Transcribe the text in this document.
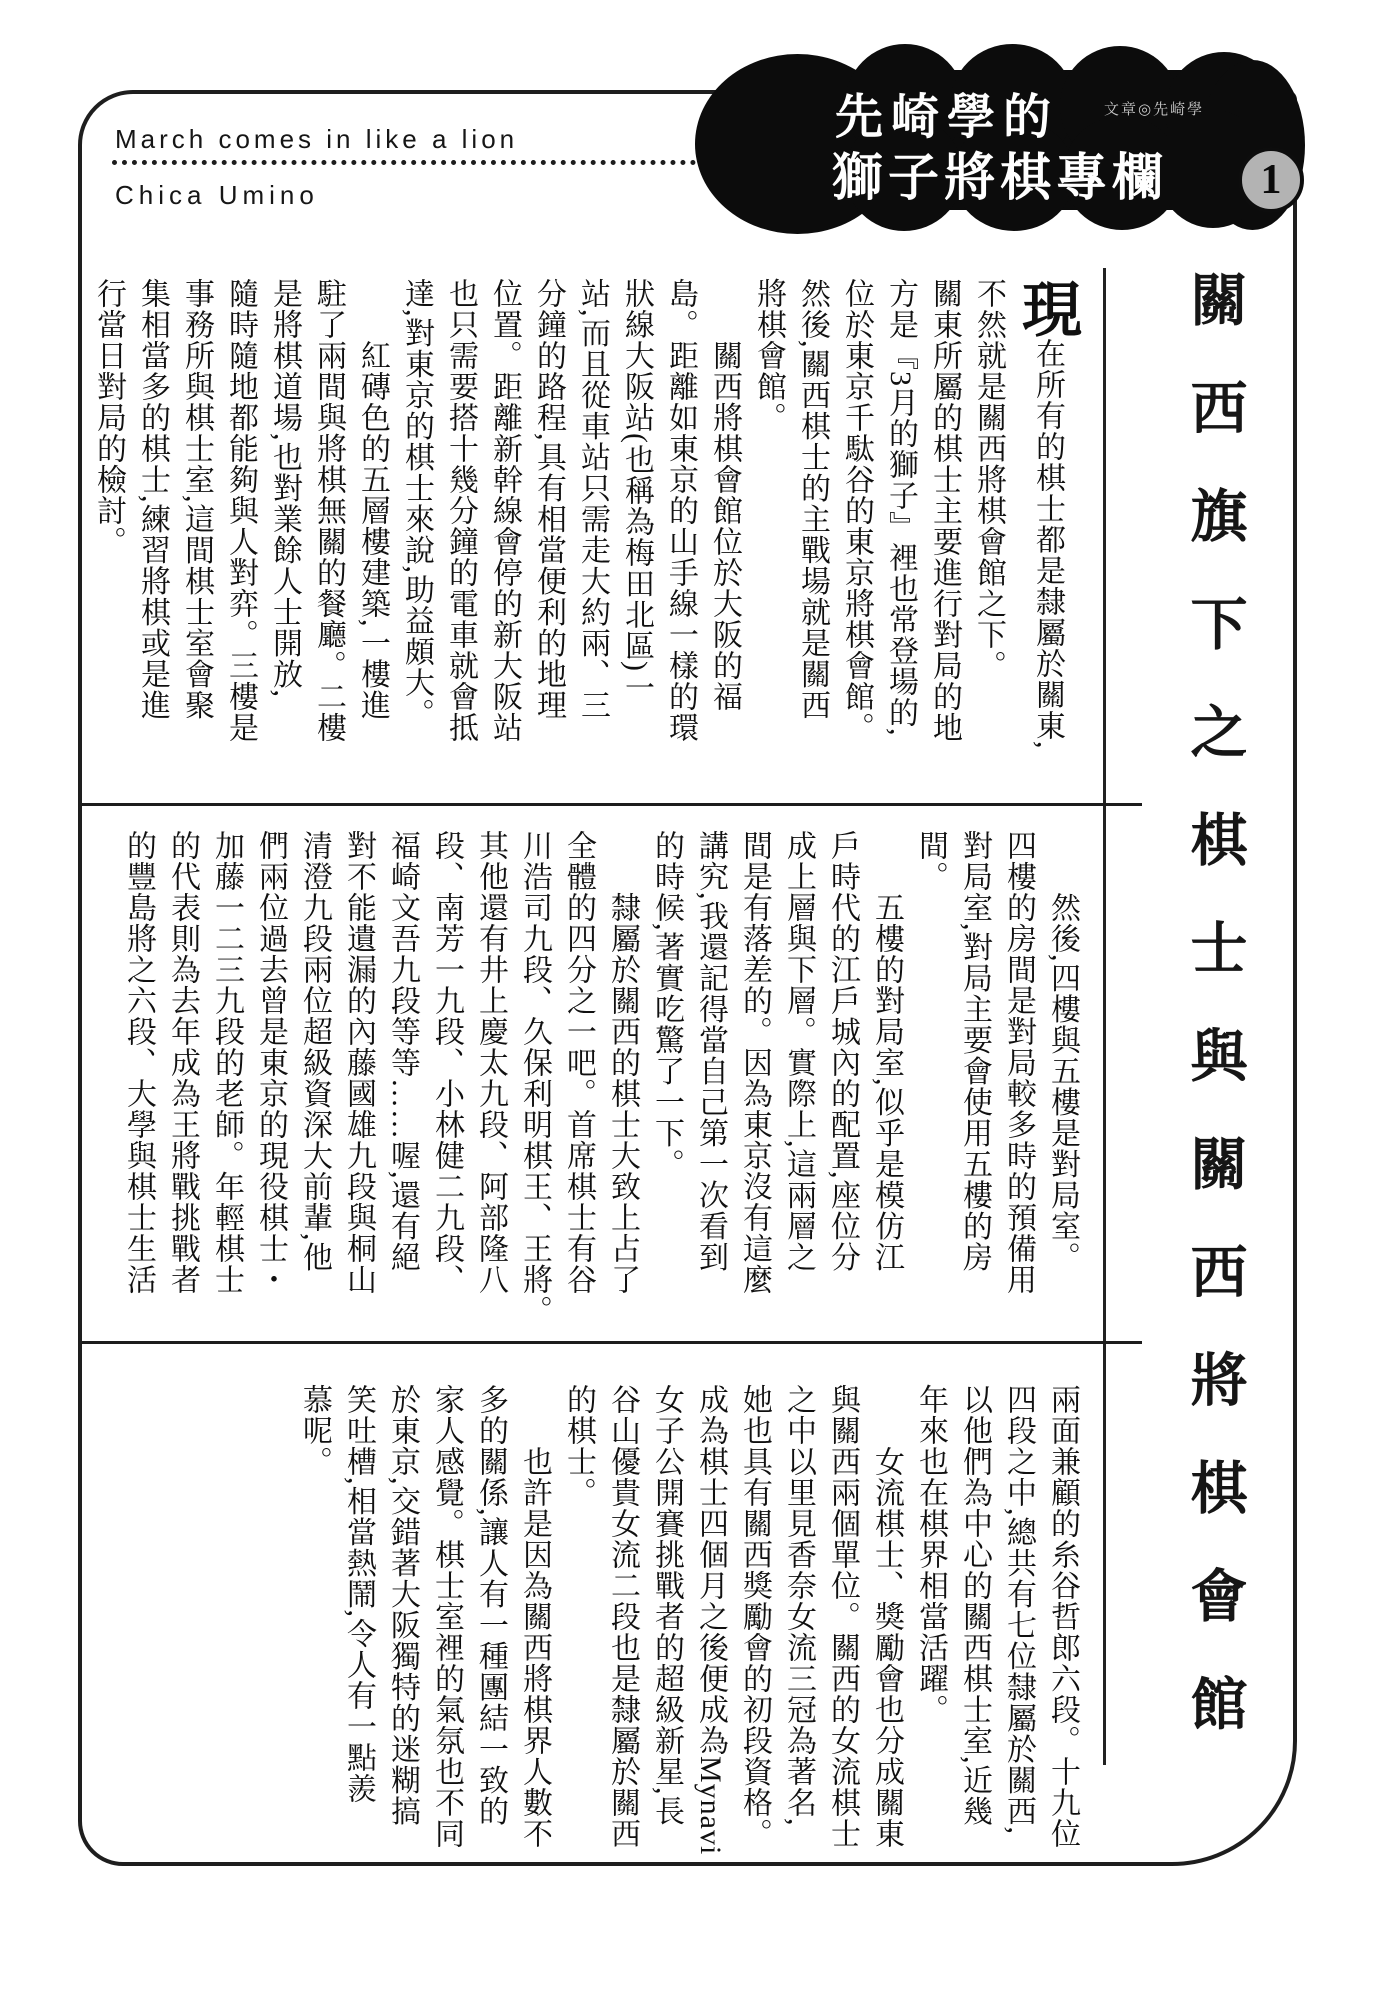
March comes in like a lion
Chica Umino
先崎學的
獅子將棋專欄
文章◎先崎學
1
關西旗下之棋士與關西將棋會館
現在所有的棋士都是隸屬於關東,
不然就是關西將棋會館之下。
關東所屬的棋士主要進行對局的地
方是『3月的獅子』裡也常登場的,
位於東京千駄谷的東京將棋會館。
然後,關西棋士的主戰場就是關西
將棋會館。
　　關西將棋會館位於大阪的福
島。距離如東京的山手線一樣的環
狀線大阪站(也稱為梅田北區)一
站,而且從車站只需走大約兩、三
分鐘的路程,具有相當便利的地理
位置。距離新幹線會停的新大阪站
也只需要搭十幾分鐘的電車就會抵
達,對東京的棋士來說,助益頗大。
　　紅磚色的五層樓建築,一樓進
駐了兩間與將棋無關的餐廳。二樓
是將棋道場,也對業餘人士開放,
隨時隨地都能夠與人對弈。三樓是
事務所與棋士室,這間棋士室會聚
集相當多的棋士,練習將棋或是進
行當日對局的檢討。
　　然後,四樓與五樓是對局室。
四樓的房間是對局較多時的預備用
對局室,對局主要會使用五樓的房
間。
　　五樓的對局室,似乎是模仿江
戶時代的江戶城內的配置,座位分
成上層與下層。實際上,這兩層之
間是有落差的。因為東京沒有這麼
講究,我還記得當自己第一次看到
的時候,著實吃驚了一下。
　　隸屬於關西的棋士大致上占了
全體的四分之一吧。首席棋士有谷
川浩司九段、久保利明棋王、王將。
其他還有井上慶太九段、阿部隆八
段、南芳一九段、小林健二九段、
福崎文吾九段等等……喔,還有絕
對不能遺漏的內藤國雄九段與桐山
清澄九段兩位超級資深大前輩,他
們兩位過去曾是東京的現役棋士・
加藤一二三九段的老師。年輕棋士
的代表則為去年成為王將戰挑戰者
的豐島將之六段、大學與棋士生活
兩面兼顧的糸谷哲郎六段。十九位
四段之中,總共有七位隸屬於關西,
以他們為中心的關西棋士室,近幾
年來也在棋界相當活躍。
　　女流棋士、獎勵會也分成關東
與關西兩個單位。關西的女流棋士
之中以里見香奈女流三冠為著名,
她也具有關西獎勵會的初段資格。
成為棋士四個月之後便成為Mynavi
女子公開賽挑戰者的超級新星,長
谷山優貴女流二段也是隸屬於關西
的棋士。
　　也許是因為關西將棋界人數不
多的關係,讓人有一種團結一致的
家人感覺。棋士室裡的氣氛也不同
於東京,交錯著大阪獨特的迷糊搞
笑吐槽,相當熱鬧,令人有一點羨
慕呢。
